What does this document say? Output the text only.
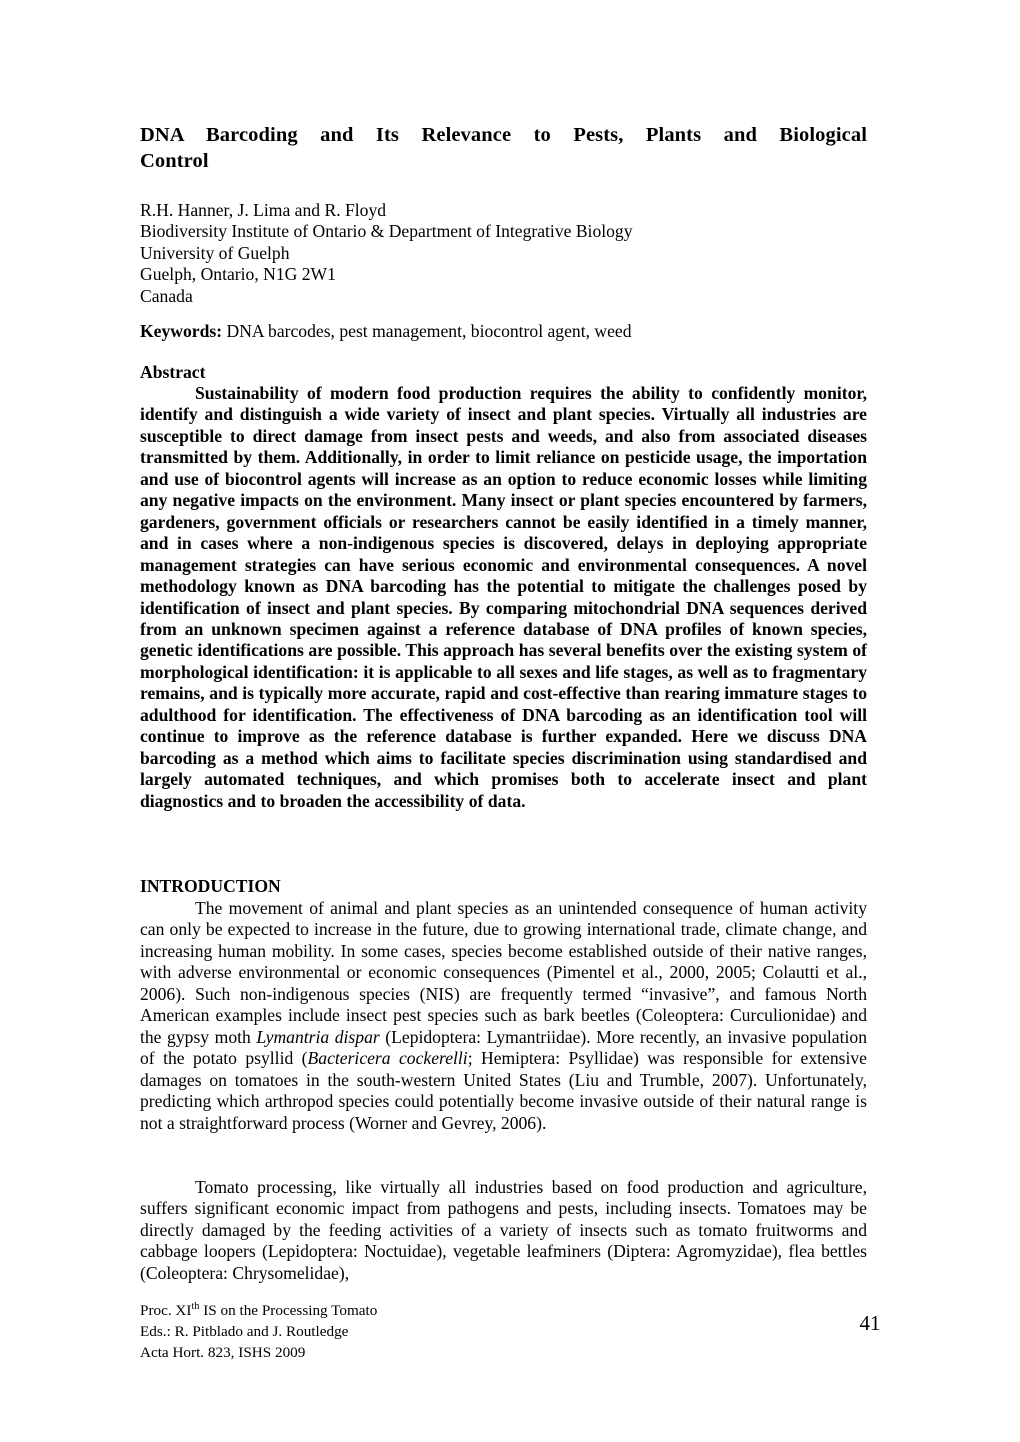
DNA Barcoding and Its Relevance to Pests, Plants and Biological
Control
R.H. Hanner, J. Lima and R. Floyd
Biodiversity Institute of Ontario & Department of Integrative Biology
University of Guelph
Guelph, Ontario, N1G 2W1
Canada
Keywords: DNA barcodes, pest management, biocontrol agent, weed
Abstract
Sustainability of modern food production requires the ability to confidently monitor, identify and distinguish a wide variety of insect and plant species. Virtually all industries are susceptible to direct damage from insect pests and weeds, and also from associated diseases transmitted by them. Additionally, in order to limit reliance on pesticide usage, the importation and use of biocontrol agents will increase as an option to reduce economic losses while limiting any negative impacts on the environment. Many insect or plant species encountered by farmers, gardeners, government officials or researchers cannot be easily identified in a timely manner, and in cases where a non-indigenous species is discovered, delays in deploying appropriate management strategies can have serious economic and environmental consequences. A novel methodology known as DNA barcoding has the potential to mitigate the challenges posed by identification of insect and plant species. By comparing mitochondrial DNA sequences derived from an unknown specimen against a reference database of DNA profiles of known species, genetic identifications are possible. This approach has several benefits over the existing system of morphological identification: it is applicable to all sexes and life stages, as well as to fragmentary remains, and is typically more accurate, rapid and cost-effective than rearing immature stages to adulthood for identification. The effectiveness of DNA barcoding as an identification tool will continue to improve as the reference database is further expanded. Here we discuss DNA barcoding as a method which aims to facilitate species discrimination using standardised and largely automated techniques, and which promises both to accelerate insect and plant diagnostics and to broaden the accessibility of data.
INTRODUCTION
The movement of animal and plant species as an unintended consequence of human activity can only be expected to increase in the future, due to growing international trade, climate change, and increasing human mobility. In some cases, species become established outside of their native ranges, with adverse environmental or economic consequences (Pimentel et al., 2000, 2005; Colautti et al., 2006). Such non-indigenous species (NIS) are frequently termed “invasive”, and famous North American examples include insect pest species such as bark beetles (Coleoptera: Curculionidae) and the gypsy moth Lymantria dispar (Lepidoptera: Lymantriidae). More recently, an invasive population of the potato psyllid (Bactericera cockerelli; Hemiptera: Psyllidae) was responsible for extensive damages on tomatoes in the south-western United States (Liu and Trumble, 2007). Unfortunately, predicting which arthropod species could potentially become invasive outside of their natural range is not a straightforward process (Worner and Gevrey, 2006).
Tomato processing, like virtually all industries based on food production and agriculture, suffers significant economic impact from pathogens and pests, including insects. Tomatoes may be directly damaged by the feeding activities of a variety of insects such as tomato fruitworms and cabbage loopers (Lepidoptera: Noctuidae), vegetable leafminers (Diptera: Agromyzidae), flea bettles (Coleoptera: Chrysomelidae),
Proc. XIth IS on the Processing Tomato
Eds.: R. Pitblado and J. Routledge
Acta Hort. 823, ISHS 2009
41
